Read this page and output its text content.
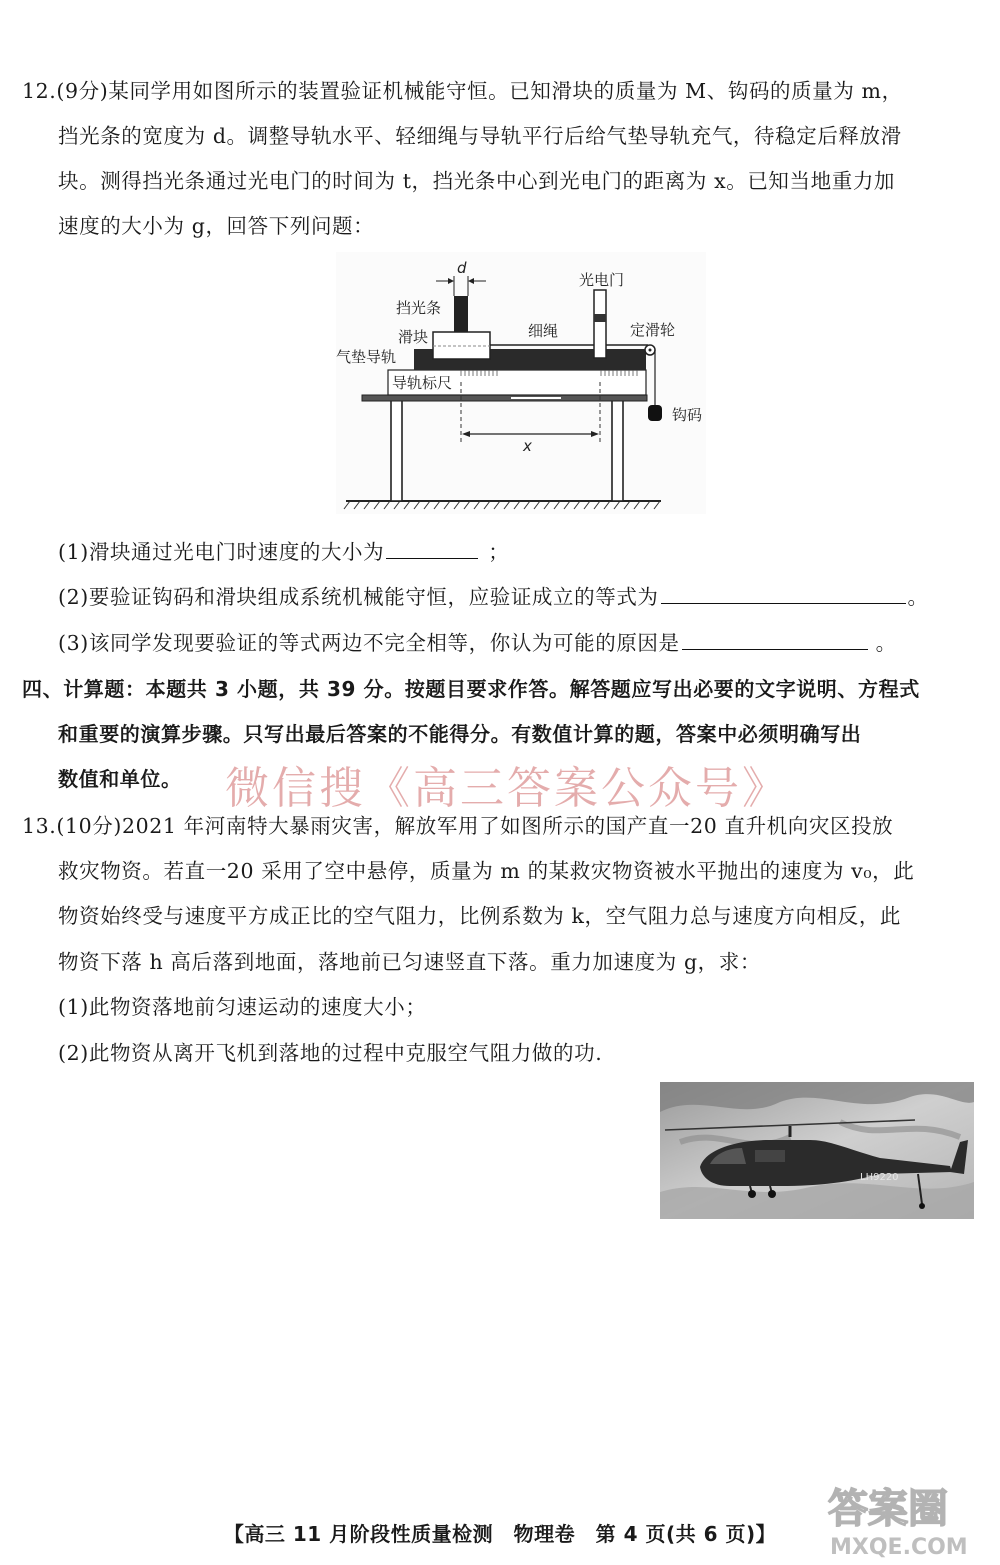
12.(9分)某同学用如图所示的装置验证机械能守恒。已知滑块的质量为 M、钩码的质量为 m，
挡光条的宽度为 d。调整导轨水平、轻细绳与导轨平行后给气垫导轨充气，待稳定后释放滑
块。测得挡光条通过光电门的时间为 t，挡光条中心到光电门的距离为 x。已知当地重力加
速度的大小为 g，回答下列问题：
d
光电门
挡光条
滑块	细绳	定滑轮
气垫导轨
导轨标尺
钩码
x
(1)滑块通过光电门时速度的大小为	；
(2)要验证钩码和滑块组成系统机械能守恒，应验证成立的等式为	。
(3)该同学发现要验证的等式两边不完全相等，你认为可能的原因是	。
四、计算题：本题共 3 小题，共 39 分。按题目要求作答。解答题应写出必要的文字说明、方程式
和重要的演算步骤。只写出最后答案的不能得分。有数值计算的题，答案中必须明确写出
数值和单位。 微信搜《高三答案公众号》
13.(10分)2021 年河南特大暴雨灾害，解放军用了如图所示的国产直一20 直升机向灾区投放
救灾物资。若直一20 采用了空中悬停，质量为 m 的某救灾物资被水平抛出的速度为 v₀，此
物资始终受与速度平方成正比的空气阻力，比例系数为 k，空气阻力总与速度方向相反，此
物资下落 h 高后落到地面，落地前已匀速竖直下落。重力加速度为 g，求：
(1)此物资落地前匀速运动的速度大小；
(2)此物资从离开飞机到落地的过程中克服空气阻力做的功.
LH9220
【高三 11 月阶段性质量检测　物理卷　第 4 页(共 6 页)】
答案圈
MXQE.COM
